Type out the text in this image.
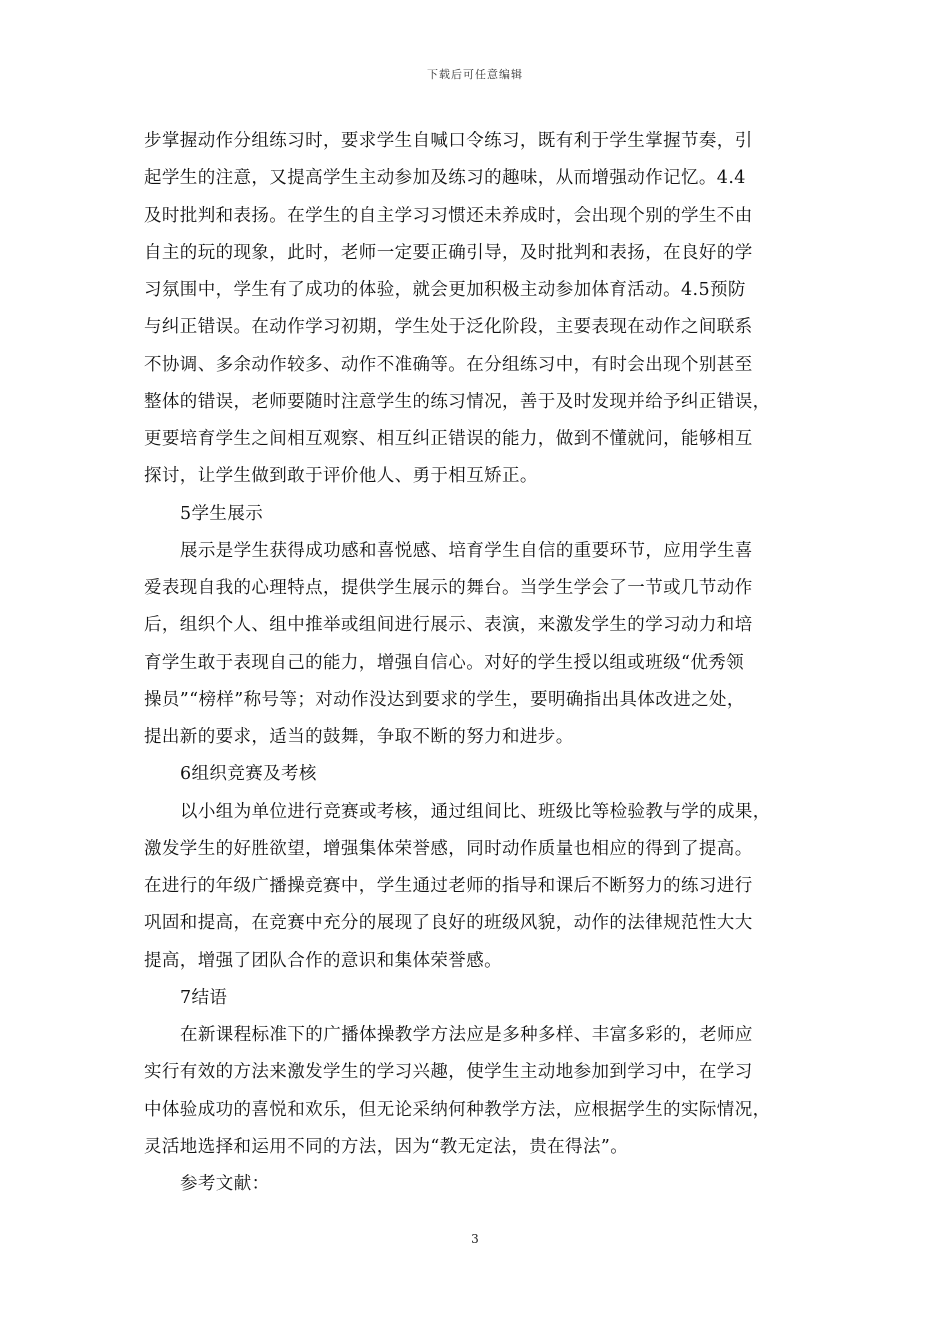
下载后可任意编辑
步掌握动作分组练习时，要求学生自喊口令练习，既有利于学生掌握节奏，引
起学生的注意，又提高学生主动参加及练习的趣味，从而增强动作记忆。4.4
及时批判和表扬。在学生的自主学习习惯还未养成时，会出现个别的学生不由
自主的玩的现象，此时，老师一定要正确引导，及时批判和表扬，在良好的学
习氛围中，学生有了成功的体验，就会更加积极主动参加体育活动。4.5预防
与纠正错误。在动作学习初期，学生处于泛化阶段，主要表现在动作之间联系
不协调、多余动作较多、动作不准确等。在分组练习中，有时会出现个别甚至
整体的错误，老师要随时注意学生的练习情况，善于及时发现并给予纠正错误，
更要培育学生之间相互观察、相互纠正错误的能力，做到不懂就问，能够相互
探讨，让学生做到敢于评价他人、勇于相互矫正。
5学生展示
展示是学生获得成功感和喜悦感、培育学生自信的重要环节，应用学生喜
爱表现自我的心理特点，提供学生展示的舞台。当学生学会了一节或几节动作
后，组织个人、组中推举或组间进行展示、表演，来激发学生的学习动力和培
育学生敢于表现自己的能力，增强自信心。对好的学生授以组或班级“优秀领
操员”“榜样”称号等；对动作没达到要求的学生，要明确指出具体改进之处，
提出新的要求，适当的鼓舞，争取不断的努力和进步。
6组织竞赛及考核
以小组为单位进行竞赛或考核，通过组间比、班级比等检验教与学的成果，
激发学生的好胜欲望，增强集体荣誉感，同时动作质量也相应的得到了提高。
在进行的年级广播操竞赛中，学生通过老师的指导和课后不断努力的练习进行
巩固和提高，在竞赛中充分的展现了良好的班级风貌，动作的法律规范性大大
提高，增强了团队合作的意识和集体荣誉感。
7结语
在新课程标准下的广播体操教学方法应是多种多样、丰富多彩的，老师应
实行有效的方法来激发学生的学习兴趣，使学生主动地参加到学习中，在学习
中体验成功的喜悦和欢乐，但无论采纳何种教学方法，应根据学生的实际情况，
灵活地选择和运用不同的方法，因为“教无定法，贵在得法”。
参考文献：
3
